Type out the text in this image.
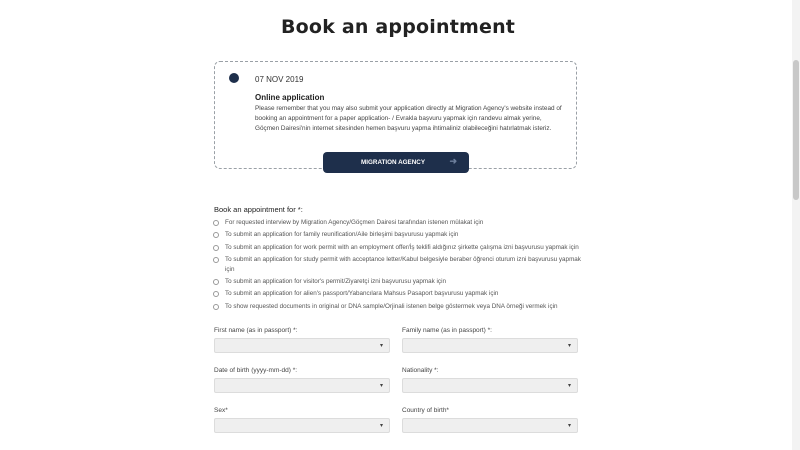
Book an appointment
07 NOV 2019
Online application
Please remember that you may also submit your application directly at Migration Agency's website instead of booking an appointment for a paper application- / Evrakla başvuru yapmak için randevu almak yerine, Göçmen Dairesi'nin internet sitesinden hemen başvuru yapma ihtimaliniz olabileceğini hatırlatmak isteriz.
MIGRATION AGENCY	➜
Book an appointment for *:
For requested interview by Migration Agency/Göçmen Dairesi tarafından istenen mülakat için
To submit an application for family reunification/Aile birleşimi başvurusu yapmak için
To submit an application for work permit with an employment offer/İş teklifi aldığınız şirkette çalışma izni başvurusu yapmak için
To submit an application for study permit with acceptance letter/Kabul belgesiyle beraber öğrenci oturum izni başvurusu yapmak için
To submit an application for visitor's permit/Ziyaretçi izni başvurusu yapmak için
To submit an application for alien's passport/Yabancılara Mahsus Pasaport başvurusu yapmak için
To show requested documents in original or DNA sample/Orjinali istenen belge göstermek veya DNA örneği vermek için
First name (as in passport) *:
▾
Family name (as in passport) *:
▾
Date of birth (yyyy-mm-dd) *:
▾
Nationality *:
▾
Sex*
▾
Country of birth*
▾
